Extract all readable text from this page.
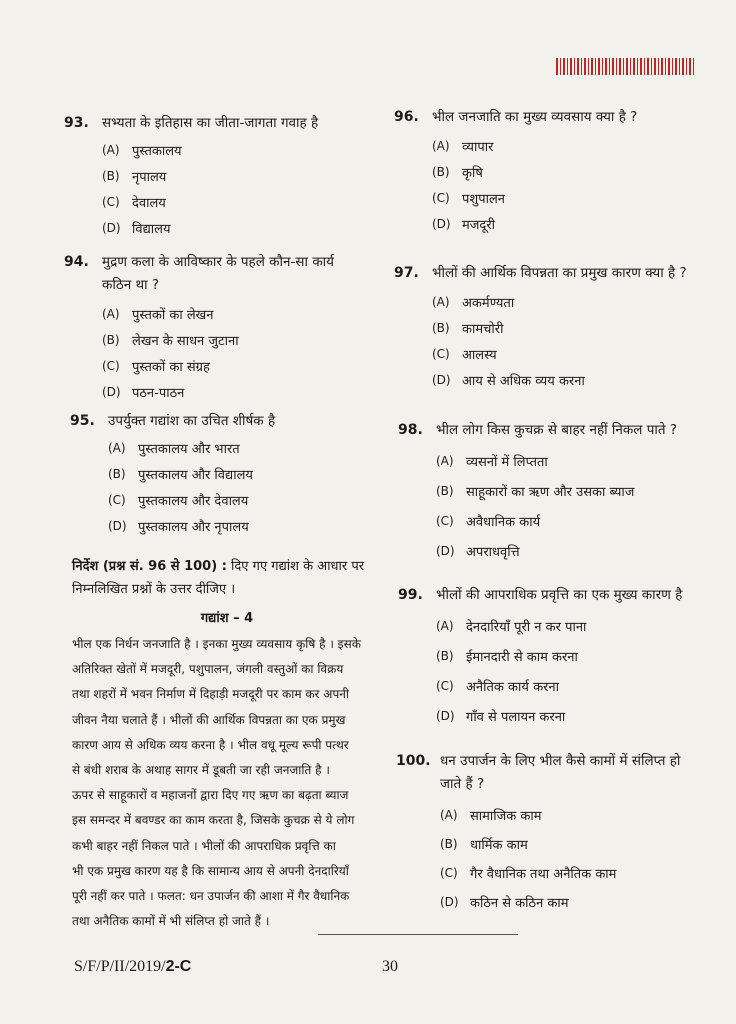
93. सभ्यता के इतिहास का जीता-जागता गवाह है
(A) पुस्तकालय
(B) नृपालय
(C) देवालय
(D) विद्यालय
94. मुद्रण कला के आविष्कार के पहले कौन-सा कार्य
कठिन था ?
(A) पुस्तकों का लेखन
(B) लेखन के साधन जुटाना
(C) पुस्तकों का संग्रह
(D) पठन-पाठन
95. उपर्युक्त गद्यांश का उचित शीर्षक है
(A) पुस्तकालय और भारत
(B) पुस्तकालय और विद्यालय
(C) पुस्तकालय और देवालय
(D) पुस्तकालय और नृपालय
निर्देश (प्रश्न सं. 96 से 100) : दिए गए गद्यांश के आधार पर
निम्नलिखित प्रश्नों के उत्तर दीजिए ।
गद्यांश – 4
भील एक निर्धन जनजाति है । इनका मुख्य व्यवसाय कृषि है । इसके
अतिरिक्त खेतों में मजदूरी, पशुपालन, जंगली वस्तुओं का विक्रय
तथा शहरों में भवन निर्माण में दिहाड़ी मजदूरी पर काम कर अपनी
जीवन नैया चलाते हैं । भीलों की आर्थिक विपन्नता का एक प्रमुख
कारण आय से अधिक व्यय करना है । भील वधू मूल्य रूपी पत्थर
से बंधी शराब के अथाह सागर में डूबती जा रही जनजाति है ।
ऊपर से साहूकारों व महाजनों द्वारा दिए गए ऋण का बढ़ता ब्याज
इस समन्दर में बवण्डर का काम करता है, जिसके कुचक्र से ये लोग
कभी बाहर नहीं निकल पाते । भीलों की आपराधिक प्रवृत्ति का
भी एक प्रमुख कारण यह है कि सामान्य आय से अपनी देनदारियाँ
पूरी नहीं कर पाते । फलत: धन उपार्जन की आशा में गैर वैधानिक
तथा अनैतिक कामों में भी संलिप्त हो जाते हैं ।
96. भील जनजाति का मुख्य व्यवसाय क्या है ?
(A) व्यापार
(B) कृषि
(C) पशुपालन
(D) मजदूरी
97. भीलों की आर्थिक विपन्नता का प्रमुख कारण क्या है ?
(A) अकर्मण्यता
(B) कामचोरी
(C) आलस्य
(D) आय से अधिक व्यय करना
98. भील लोग किस कुचक्र से बाहर नहीं निकल पाते ?
(A) व्यसनों में लिप्तता
(B) साहूकारों का ऋण और उसका ब्याज
(C) अवैधानिक कार्य
(D) अपराधवृत्ति
99. भीलों की आपराधिक प्रवृत्ति का एक मुख्य कारण है
(A) देनदारियाँ पूरी न कर पाना
(B) ईमानदारी से काम करना
(C) अनैतिक कार्य करना
(D) गाँव से पलायन करना
100. धन उपार्जन के लिए भील कैसे कामों में संलिप्त हो
जाते हैं ?
(A) सामाजिक काम
(B) धार्मिक काम
(C) गैर वैधानिक तथा अनैतिक काम
(D) कठिन से कठिन काम
S/F/P/II/2019/2-C	30
